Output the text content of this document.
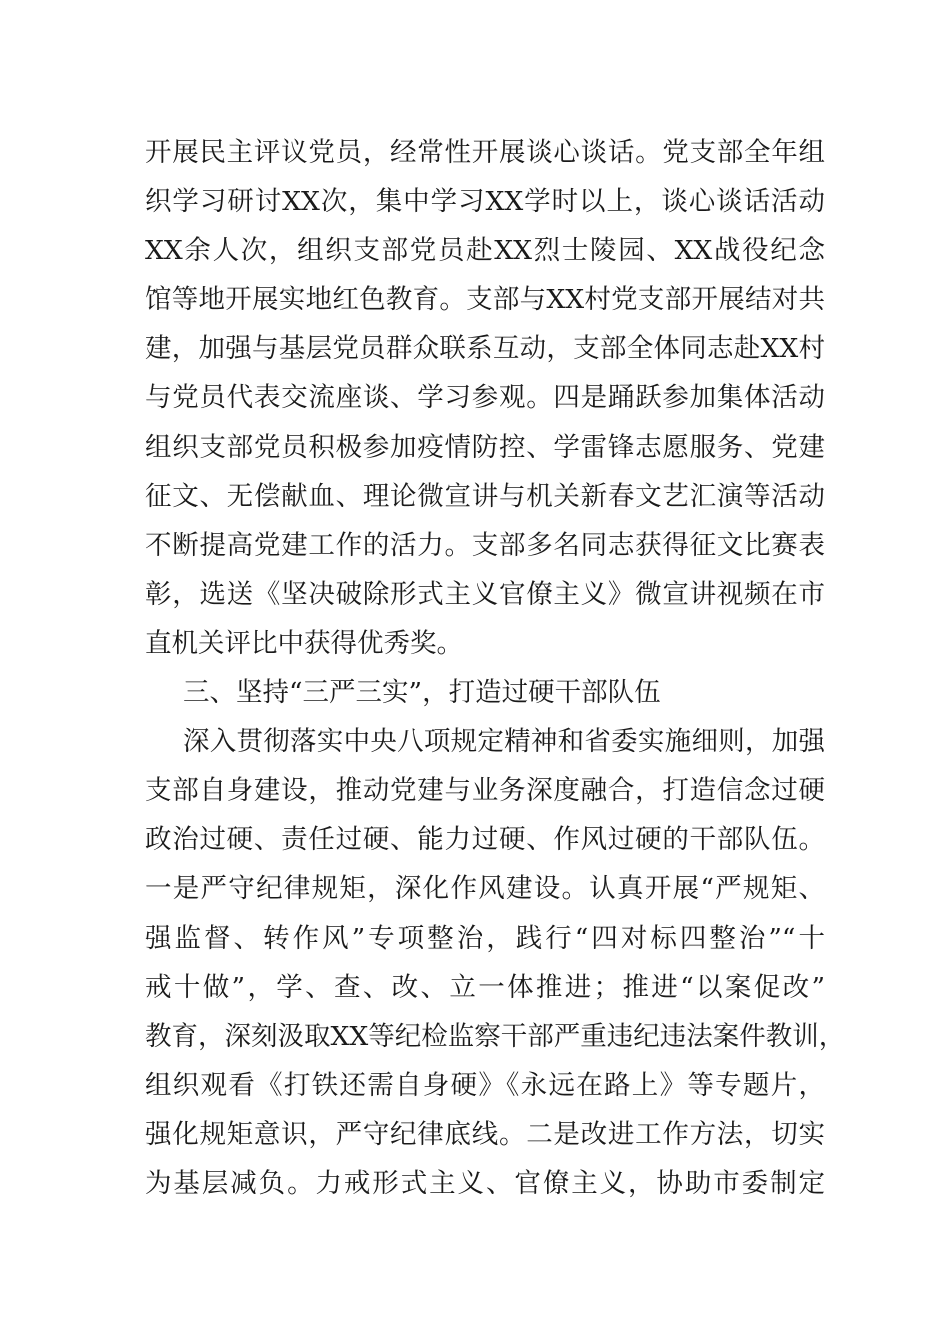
开展民主评议党员，经常性开展谈心谈话。党支部全年组
织学习研讨XX次，集中学习XX学时以上，谈心谈话活动
XX余人次，组织支部党员赴XX烈士陵园、XX战役纪念
馆等地开展实地红色教育。支部与XX村党支部开展结对共
建，加强与基层党员群众联系互动，支部全体同志赴XX村
与党员代表交流座谈、学习参观。四是踊跃参加集体活动
组织支部党员积极参加疫情防控、学雷锋志愿服务、党建
征文、无偿献血、理论微宣讲与机关新春文艺汇演等活动
不断提高党建工作的活力。支部多名同志获得征文比赛表
彰，选送《坚决破除形式主义官僚主义》微宣讲视频在市
直机关评比中获得优秀奖。
三、坚持“三严三实”，打造过硬干部队伍
深入贯彻落实中央八项规定精神和省委实施细则，加强
支部自身建设，推动党建与业务深度融合，打造信念过硬
政治过硬、责任过硬、能力过硬、作风过硬的干部队伍。
一是严守纪律规矩，深化作风建设。认真开展“严规矩、
强监督、转作风”专项整治，践行“四对标四整治”“十
戒十做”，学、查、改、立一体推进；推进“以案促改”
教育，深刻汲取XX等纪检监察干部严重违纪违法案件教训，
组织观看《打铁还需自身硬》《永远在路上》等专题片，
强化规矩意识，严守纪律底线。二是改进工作方法，切实
为基层减负。力戒形式主义、官僚主义，协助市委制定
